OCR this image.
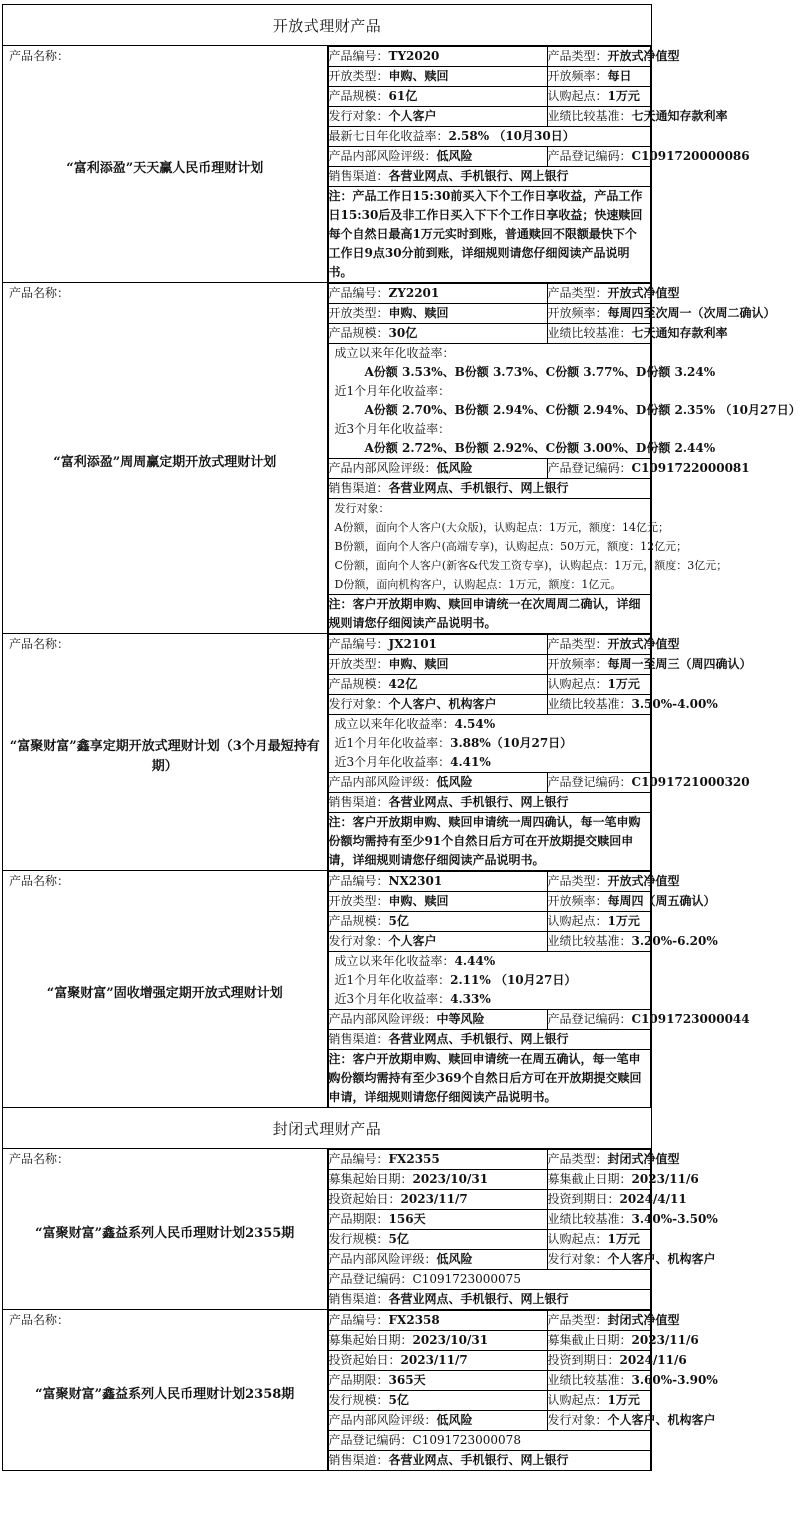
开放式理财产品

产品名称：
“富利添盈”天天赢人民币理财计划

产品编号：TY2020	产品类型：开放式净值型
开放类型：申购、赎回	开放频率：每日
产品规模：61亿	认购起点：1万元
发行对象：个人客户	业绩比较基准：七天通知存款利率
最新七日年化收益率：2.58% （10月30日）
产品内部风险评级：低风险	产品登记编码：C1091720000086
销售渠道：各营业网点、手机银行、网上银行
注：产品工作日15:30前买入下个工作日享收益，产品工作日15:30后及非工作日买入下下个工作日享收益；快速赎回每个自然日最高1万元实时到账，普通赎回不限额最快下个工作日9点30分前到账，详细规则请您仔细阅读产品说明书。

产品名称：
“富利添盈”周周赢定期开放式理财计划

产品编号：ZY2201	产品类型：开放式净值型
开放类型：申购、赎回	开放频率：每周四至次周一（次周二确认）
产品规模：30亿	业绩比较基准：七天通知存款利率

成立以来年化收益率：
A份额 3.53%、B份额 3.73%、C份额 3.77%、D份额 3.24%
近1个月年化收益率：
A份额 2.70%、B份额 2.94%、C份额 2.94%、D份额 2.35% （10月27日）
近3个月年化收益率：
A份额 2.72%、B份额 2.92%、C份额 3.00%、D份额 2.44%

产品内部风险评级：低风险	产品登记编码：C1091722000081
销售渠道：各营业网点、手机银行、网上银行

发行对象：
A份额，面向个人客户(大众版)，认购起点：1万元，额度：14亿元；
B份额，面向个人客户(高端专享)，认购起点：50万元，额度：12亿元；
C份额，面向个人客户(新客&代发工资专享)，认购起点：1万元，额度：3亿元；
D份额，面向机构客户，认购起点：1万元，额度：1亿元。

注：客户开放期申购、赎回申请统一在次周周二确认，详细规则请您仔细阅读产品说明书。

产品名称：
“富聚财富”鑫享定期开放式理财计划（3个月最短持有期）

产品编号：JX2101	产品类型：开放式净值型
开放类型：申购、赎回	开放频率：每周一至周三（周四确认）
产品规模：42亿	认购起点：1万元
发行对象：个人客户、机构客户	业绩比较基准：3.50%-4.00%

成立以来年化收益率：4.54%
近1个月年化收益率：3.88%（10月27日）
近3个月年化收益率：4.41%

产品内部风险评级：低风险	产品登记编码：C1091721000320
销售渠道：各营业网点、手机银行、网上银行
注：客户开放期申购、赎回申请统一周四确认，每一笔申购份额均需持有至少91个自然日后方可在开放期提交赎回申请，详细规则请您仔细阅读产品说明书。

产品名称：
“富聚财富”固收增强定期开放式理财计划

产品编号：NX2301	产品类型：开放式净值型
开放类型：申购、赎回	开放频率：每周四（周五确认）
产品规模：5亿	认购起点：1万元
发行对象：个人客户	业绩比较基准：3.20%-6.20%

成立以来年化收益率：4.44%
近1个月年化收益率：2.11% （10月27日）
近3个月年化收益率：4.33%

产品内部风险评级：中等风险	产品登记编码：C1091723000044
销售渠道：各营业网点、手机银行、网上银行
注：客户开放期申购、赎回申请统一在周五确认，每一笔申购份额均需持有至少369个自然日后方可在开放期提交赎回申请，详细规则请您仔细阅读产品说明书。

封闭式理财产品

产品名称：
“富聚财富”鑫益系列人民币理财计划2355期

产品编号：FX2355	产品类型：封闭式净值型
募集起始日期：2023/10/31	募集截止日期：2023/11/6
投资起始日：2023/11/7	投资到期日：2024/4/11
产品期限：156天	业绩比较基准：3.40%-3.50%
发行规模：5亿	认购起点：1万元
产品内部风险评级：低风险	发行对象：个人客户、机构客户
产品登记编码：C1091723000075
销售渠道：各营业网点、手机银行、网上银行

产品名称：
“富聚财富”鑫益系列人民币理财计划2358期

产品编号：FX2358	产品类型：封闭式净值型
募集起始日期：2023/10/31	募集截止日期：2023/11/6
投资起始日：2023/11/7	投资到期日：2024/11/6
产品期限：365天	业绩比较基准：3.60%-3.90%
发行规模：5亿	认购起点：1万元
产品内部风险评级：低风险	发行对象：个人客户、机构客户
产品登记编码：C1091723000078
销售渠道：各营业网点、手机银行、网上银行
